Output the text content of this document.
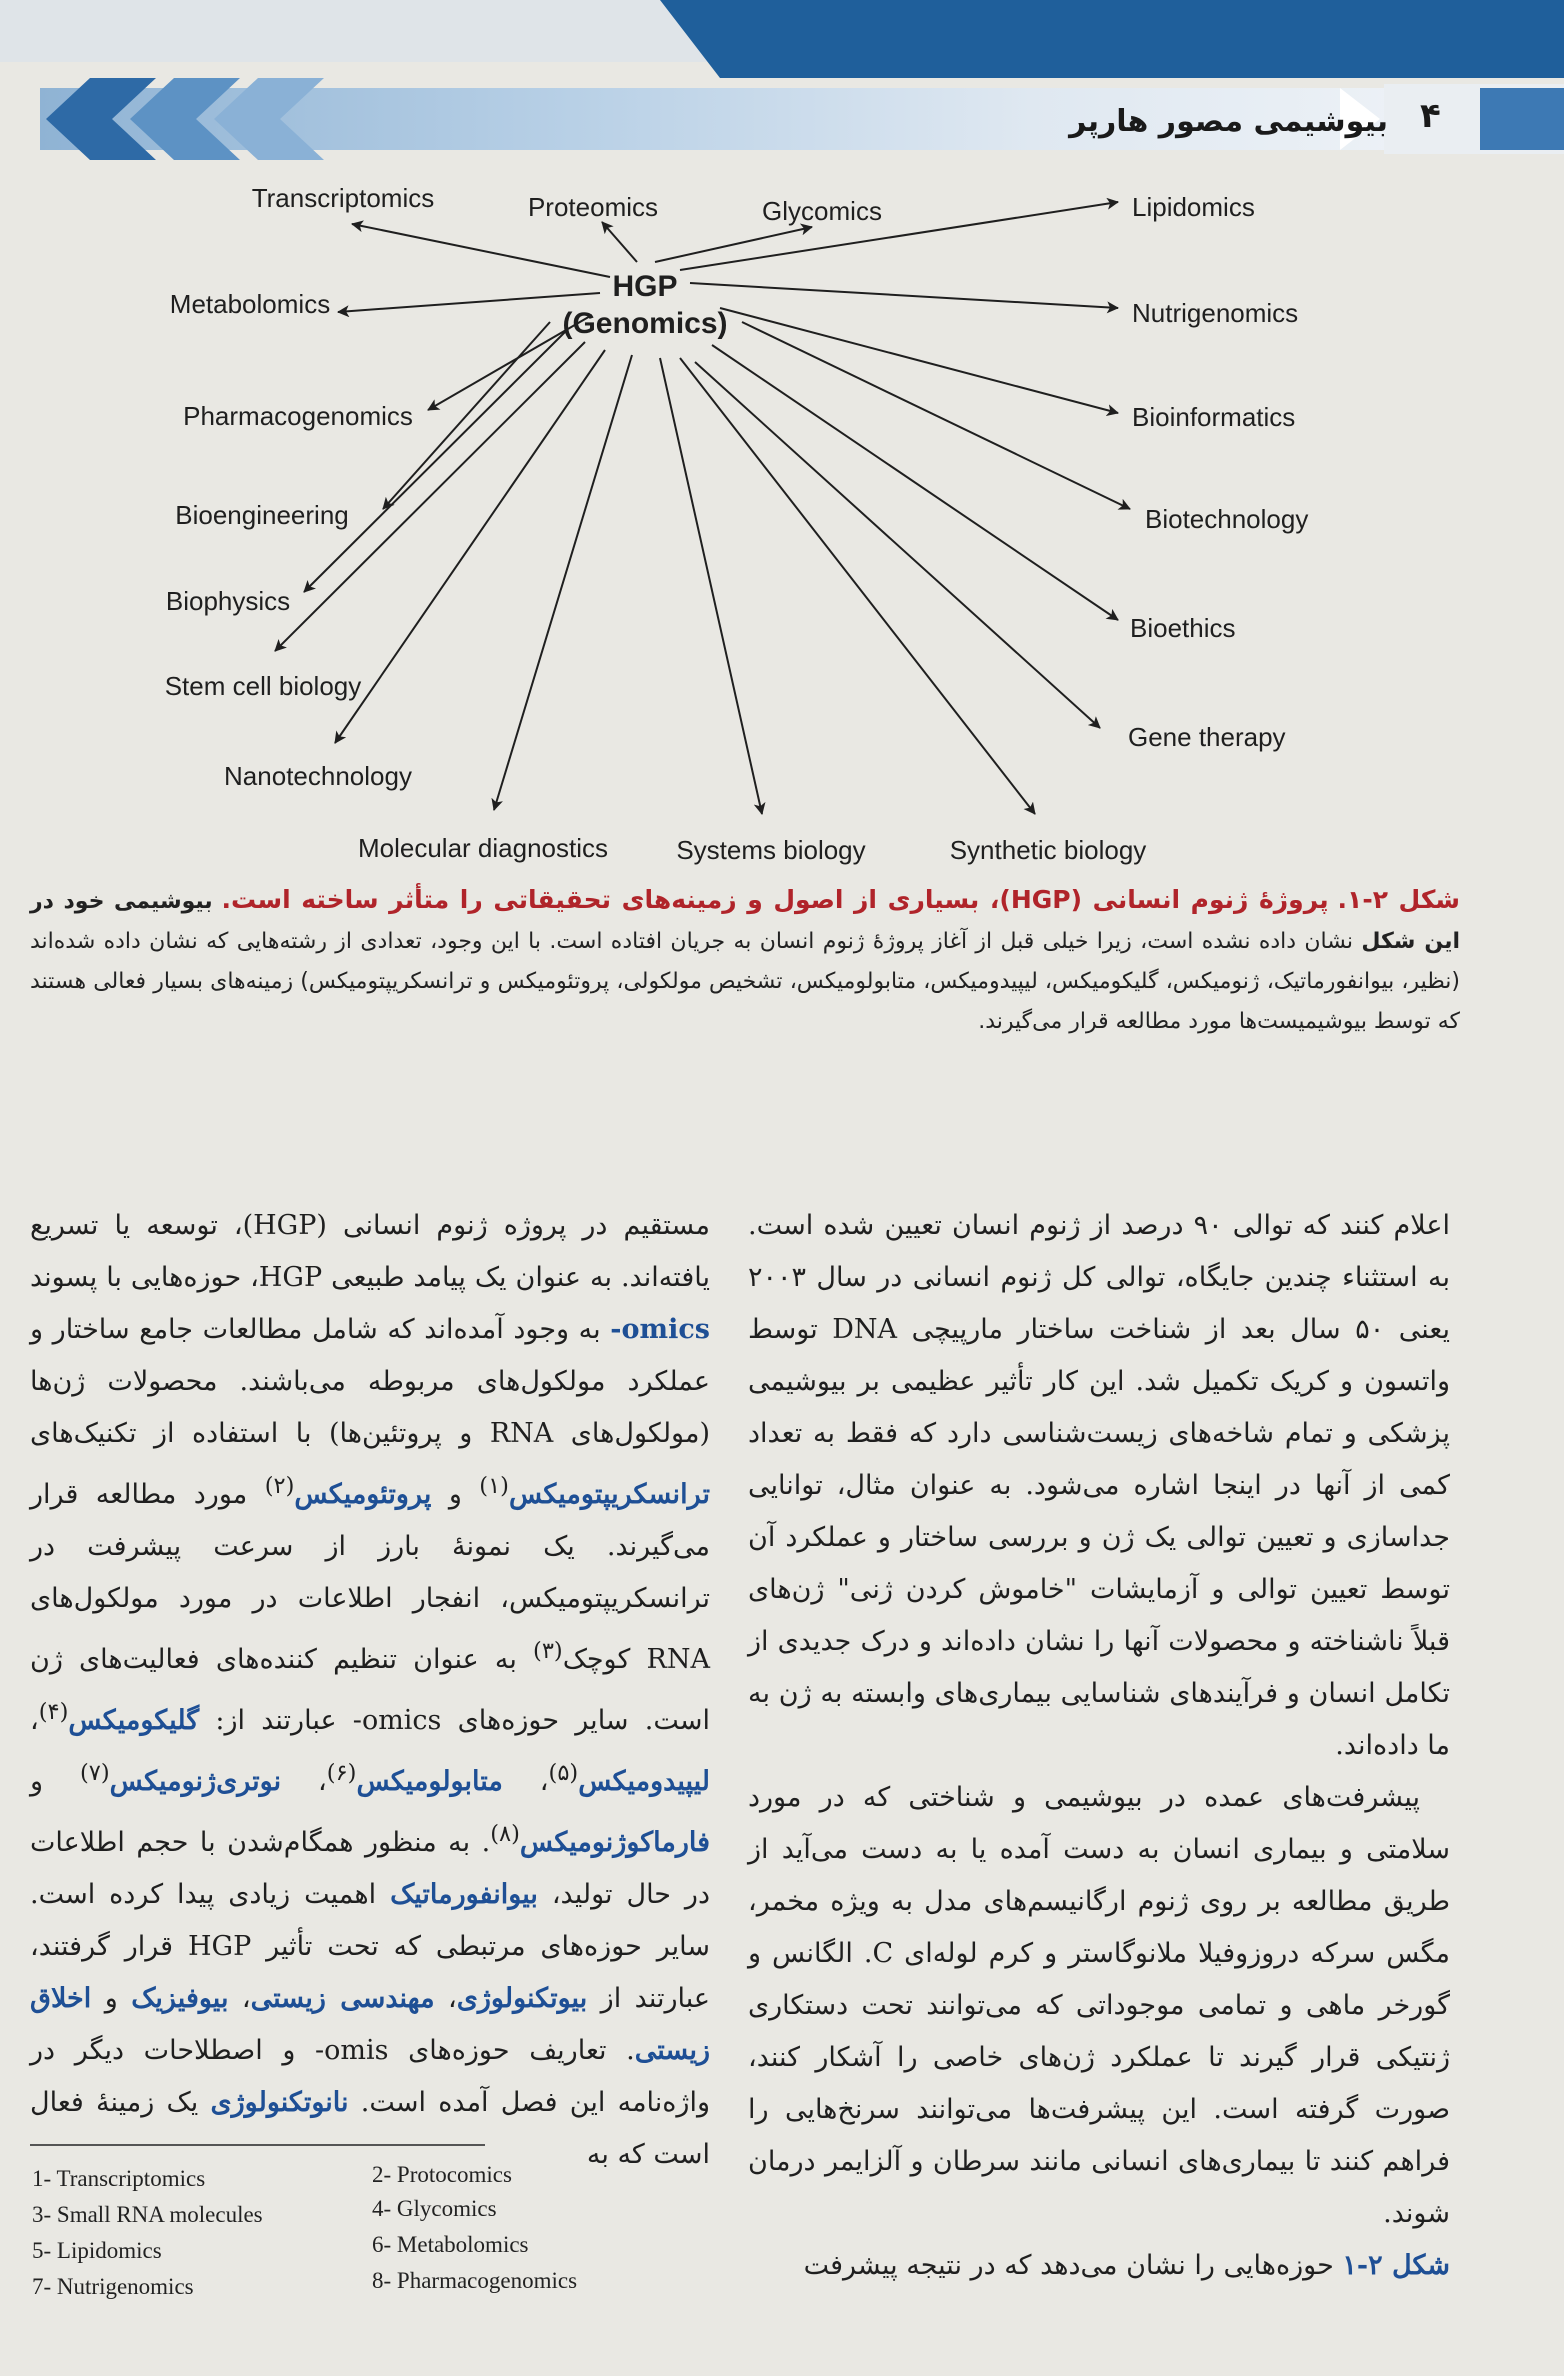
۴
بیوشیمی مصور هارپر
HGP
(Genomics)
Transcriptomics	Proteomics	Glycomics	Lipidomics
Metabolomics	Nutrigenomics
Pharmacogenomics	Bioinformatics
Bioengineering	Biotechnology
Biophysics
Bioethics
Stem cell biology
Gene therapy
Nanotechnology
Molecular diagnostics	Systems biology	Synthetic biology
شکل ۲-۱. پروژهٔ ژنوم انسانی (HGP)، بسیاری از اصول و زمینه‌های تحقیقاتی را متأثر ساخته است. بیوشیمی خود در این شکل نشان داده نشده است، زیرا خیلی قبل از آغاز پروژهٔ ژنوم انسان به جریان افتاده است. با این وجود، تعدادی از رشته‌هایی که نشان داده شده‌اند (نظیر، بیوانفورماتیک، ژنومیکس، گلیکومیکس، لیپیدومیکس، متابولومیکس، تشخیص مولکولی، پروتئومیکس و ترانسکریپتومیکس) زمینه‌های بسیار فعالی هستند که توسط بیوشیمیست‌ها مورد مطالعه قرار می‌گیرند.

اعلام کنند که توالی ۹۰ درصد از ژنوم انسان تعیین شده است. به استثناء چندین جایگاه، توالی کل ژنوم انسانی در سال ۲۰۰۳ یعنی ۵۰ سال بعد از شناخت ساختار مارپیچی DNA توسط واتسون و کریک تکمیل شد. این کار تأثیر عظیمی بر بیوشیمی پزشکی و تمام شاخه‌های زیست‌شناسی دارد که فقط به تعداد کمی از آنها در اینجا اشاره می‌شود. به عنوان مثال، توانایی جداسازی و تعیین توالی یک ژن و بررسی ساختار و عملکرد آن توسط تعیین توالی و آزمایشات "خاموش کردن ژنی" ژن‌های قبلاً ناشناخته و محصولات آنها را نشان داده‌اند و درک جدیدی از تکامل انسان و فرآیندهای شناسایی بیماری‌های وابسته به ژن به ما داده‌اند.

پیشرفت‌های عمده در بیوشیمی و شناختی که در مورد سلامتی و بیماری انسان به دست آمده یا به دست می‌آید از طریق مطالعه بر روی ژنوم ارگانیسم‌های مدل به ویژه مخمر، مگس سرکه دروزوفیلا ملانوگاستر و کرم لوله‌ای C. الگانس و گورخر ماهی و تمامی موجوداتی که می‌توانند تحت دستکاری ژنتیکی قرار گیرند تا عملکرد ژن‌های خاصی را آشکار کنند، صورت گرفته است. این پیشرفت‌ها می‌توانند سرنخ‌هایی را فراهم کنند تا بیماری‌های انسانی مانند سرطان و آلزایمر درمان شوند.

شکل ۲-۱ حوزه‌هایی را نشان می‌دهد که در نتیجه پیشرفت

مستقیم در پروژه ژنوم انسانی (HGP)، توسعه یا تسریع یافته‌اند. به عنوان یک پیامد طبیعی HGP، حوزه‌هایی با پسوند omics- به وجود آمده‌اند که شامل مطالعات جامع ساختار و عملکرد مولکول‌های مربوطه می‌باشند. محصولات ژن‌ها (مولکول‌های RNA و پروتئین‌ها) با استفاده از تکنیک‌های ترانسکریپتومیکس$^{(۱)}$ و پروتئومیکس$^{(۲)}$ مورد مطالعه قرار می‌گیرند. یک نمونهٔ بارز از سرعت پیشرفت در ترانسکریپتومیکس، انفجار اطلاعات در مورد مولکول‌های RNA کوچک$^{(۳)}$ به عنوان تنظیم کننده‌های فعالیت‌های ژن است. سایر حوزه‌های omics- عبارتند از: گلیکومیکس$^{(۴)}$، لیپیدومیکس$^{(۵)}$، متابولومیکس$^{(۶)}$، نوتری‌ژنومیکس$^{(۷)}$ و فارماکوژنومیکس$^{(۸)}$. به منظور همگام‌شدن با حجم اطلاعات در حال تولید، بیوانفورماتیک اهمیت زیادی پیدا کرده است. سایر حوزه‌های مرتبطی که تحت تأثیر HGP قرار گرفتند، عبارتند از بیوتکنولوژی، مهندسی زیستی، بیوفیزیک و اخلاق زیستی. تعاریف حوزه‌های omis- و اصطلاحات دیگر در واژه‌نامه این فصل آمده است. نانوتکنولوژی یک زمینهٔ فعال است که به

1- Transcriptomics	2- Protocomics
3- Small RNA molecules	4- Glycomics
5- Lipidomics	6- Metabolomics
7- Nutrigenomics	8- Pharmacogenomics
